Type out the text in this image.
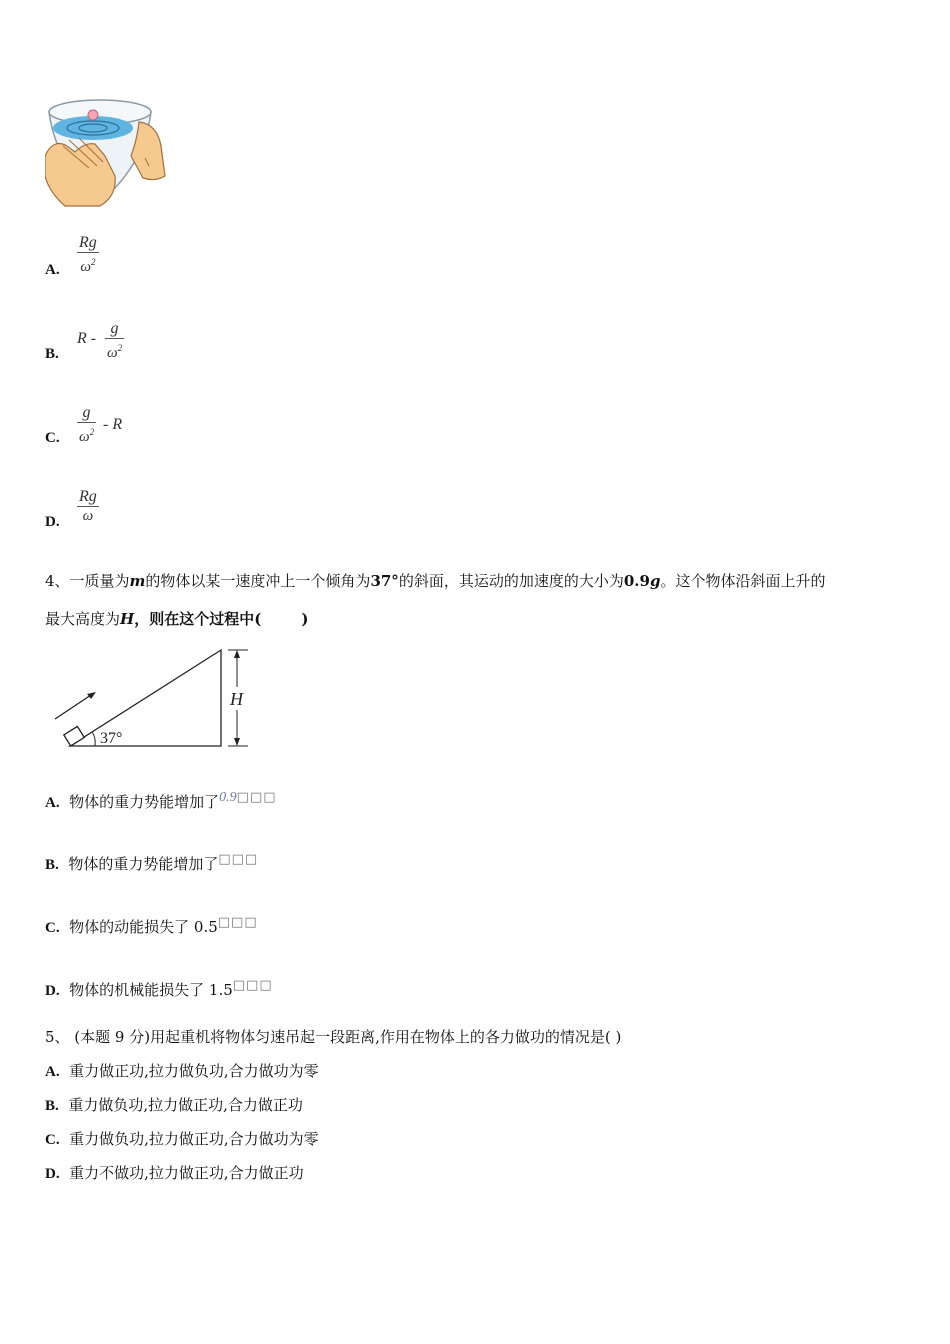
A.
Rg
$\omega^2$
B.
R -
g
$\omega^2$
C.
g
$\omega^2$ - R
D.
Rg
ω
4、一质量为m的物体以某一速度冲上一个倾角为37°的斜面，其运动的加速度的大小为0.9g。这个物体沿斜面上升的
最大高度为H，则在这个过程中(	)
37°
H
A. 物体的重力势能增加了0.9□□□
B. 物体的重力势能增加了□□□
C. 物体的动能损失了 0.5□□□
D. 物体的机械能损失了 1.5□□□
5、 (本题 9 分)用起重机将物体匀速吊起一段距离,作用在物体上的各力做功的情况是( )
A. 重力做正功,拉力做负功,合力做功为零
B. 重力做负功,拉力做正功,合力做正功
C. 重力做负功,拉力做正功,合力做功为零
D. 重力不做功,拉力做正功,合力做正功
